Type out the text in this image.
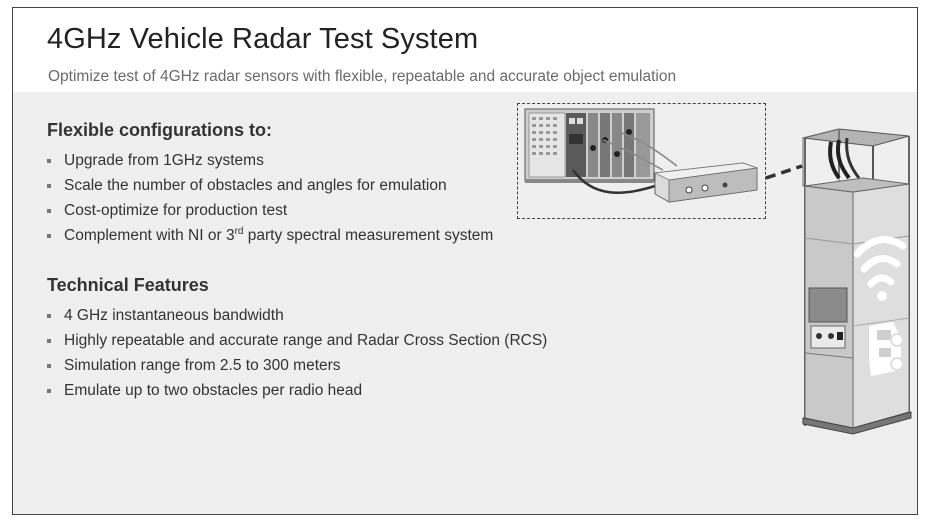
4GHz Vehicle Radar Test System

Optimize test of 4GHz radar sensors with flexible, repeatable and accurate object emulation

Flexible configurations to:
Upgrade from 1GHz systems
Scale the number of obstacles and angles for emulation
Cost-optimize for production test
Complement with NI or 3rd party spectral measurement system
Technical Features
4 GHz instantaneous bandwidth
Highly repeatable and accurate range and Radar Cross Section (RCS)
Simulation range from 2.5 to 300 meters
Emulate up to two obstacles per radio head
